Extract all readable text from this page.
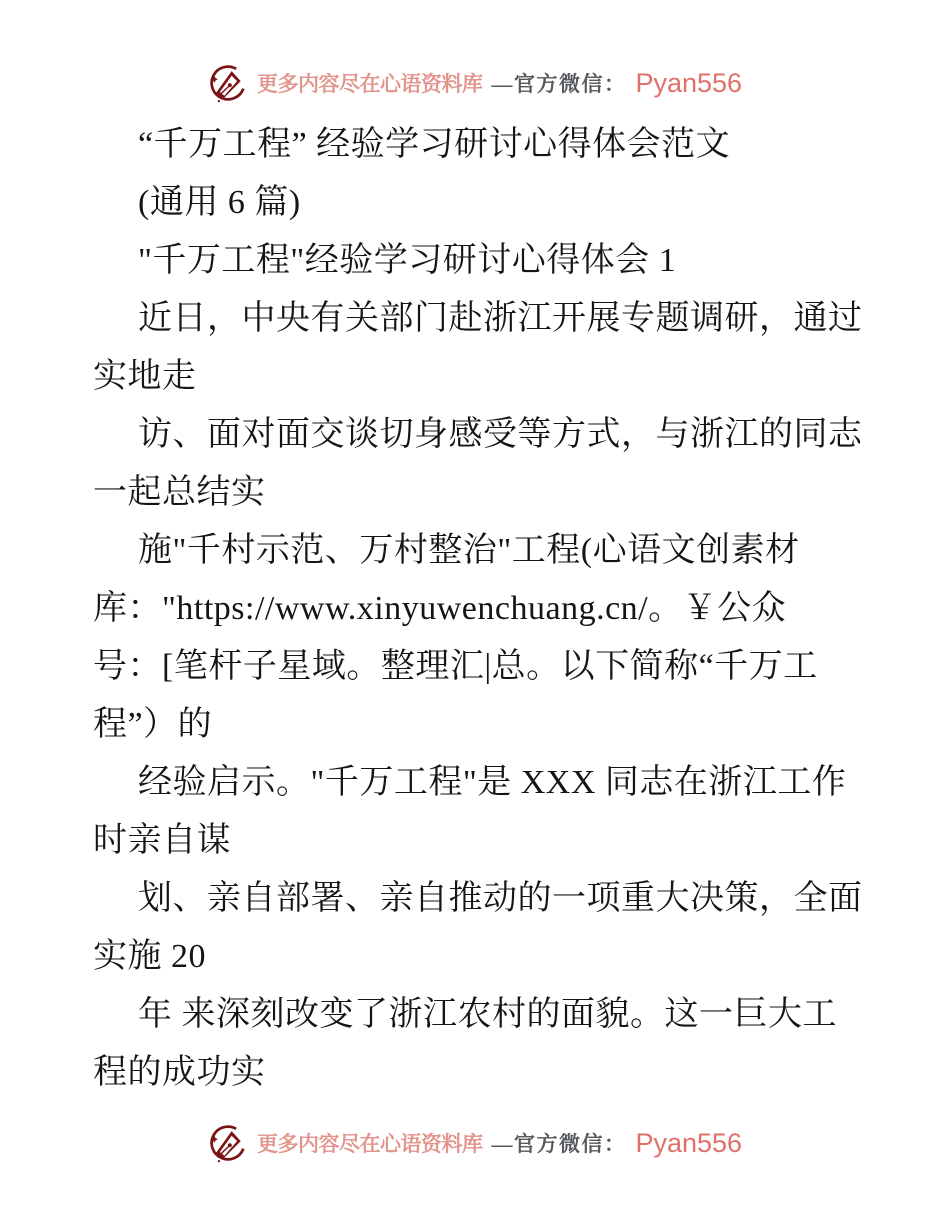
更多内容尽在心语资料库 —官方微信： Pyan556
“千万工程” 经验学习研讨心得体会范文
(通用 6 篇)
"千万工程"经验学习研讨心得体会 1
近日，中央有关部门赴浙江开展专题调研，通过
实地走
访、面对面交谈切身感受等方式，与浙江的同志
一起总结实
施"千村示范、万村整治"工程(心语文创素材
库："https://www.xinyuwenchuang.cn/。￥公众
号：[笔杆子星域。整理汇|总。以下简称“千万工
程”）的
经验启示。"千万工程"是 XXX 同志在浙江工作
时亲自谋
划、亲自部署、亲自推动的一项重大决策，全面
实施 20
年 来深刻改变了浙江农村的面貌。这一巨大工
程的成功实
更多内容尽在心语资料库 —官方微信： Pyan556
